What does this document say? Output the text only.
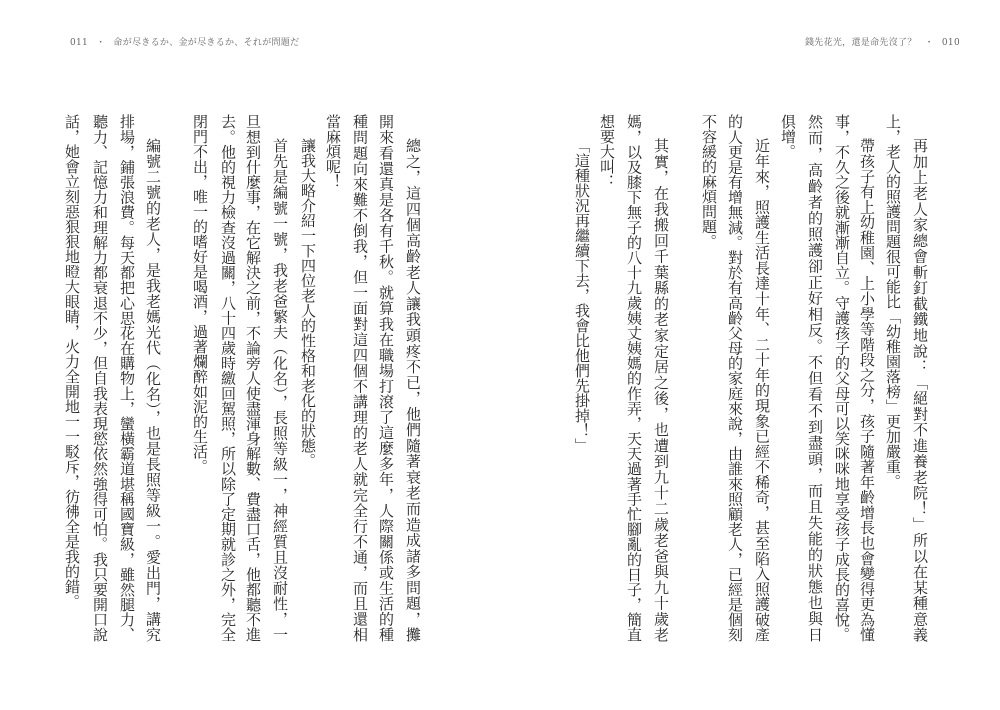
011 ・ 命が尽きるか、金が尽きるか、それが問題だ
總之，這四個高齡老人讓我頭疼不已，他們隨著衰老而造成諸多問題，攤
開來看還真是各有千秋。就算我在職場打滾了這麼多年，人際關係或生活的種
種問題向來難不倒我，但一面對這四個不講理的老人就完全行不通，而且還相
當麻煩呢！
讓我大略介紹一下四位老人的性格和老化的狀態。
首先是編號一號，我老爸繁夫（化名），長照等級一，神經質且沒耐性，一
旦想到什麼事，在它解決之前，不論旁人使盡渾身解數、費盡口舌，他都聽不進
去。他的視力檢查沒過關，八十四歲時繳回駕照，所以除了定期就診之外，完全
閉門不出，唯一的嗜好是喝酒，過著爛醉如泥的生活。
編號二號的老人，是我老媽光代（化名），也是長照等級一。愛出門，講究
排場，鋪張浪費。每天都把心思花在購物上，蠻橫霸道堪稱國寶級，雖然腿力、
聽力、記憶力和理解力都衰退不少，但自我表現慾依然強得可怕。我只要開口說
話，她會立刻惡狠狠地瞪大眼睛，火力全開地一一駁斥，彷彿全是我的錯。
錢先花光，還是命先沒了？ ・ 010
再加上老人家總會斬釘截鐵地說：「絕對不進養老院！」所以在某種意義
上，老人的照護問題很可能比「幼稚園落榜」更加嚴重。
帶孩子有上幼稚園、上小學等階段之分，孩子隨著年齡增長也會變得更為懂
事，不久之後就漸漸自立。守護孩子的父母可以笑咪咪地享受孩子成長的喜悅。
然而，高齡者的照護卻正好相反。不但看不到盡頭，而且失能的狀態也與日
俱增。
近年來，照護生活長達十年、二十年的現象已經不稀奇，甚至陷入照護破產
的人更是有增無減。對於有高齡父母的家庭來說，由誰來照顧老人，已經是個刻
不容緩的麻煩問題。
其實，在我搬回千葉縣的老家定居之後，也遭到九十二歲老爸與九十歲老
媽，以及膝下無子的八十九歲姨丈姨媽的作弄，天天過著手忙腳亂的日子，簡直
想要大叫：
「這種狀況再繼續下去，我會比他們先掛掉！」
